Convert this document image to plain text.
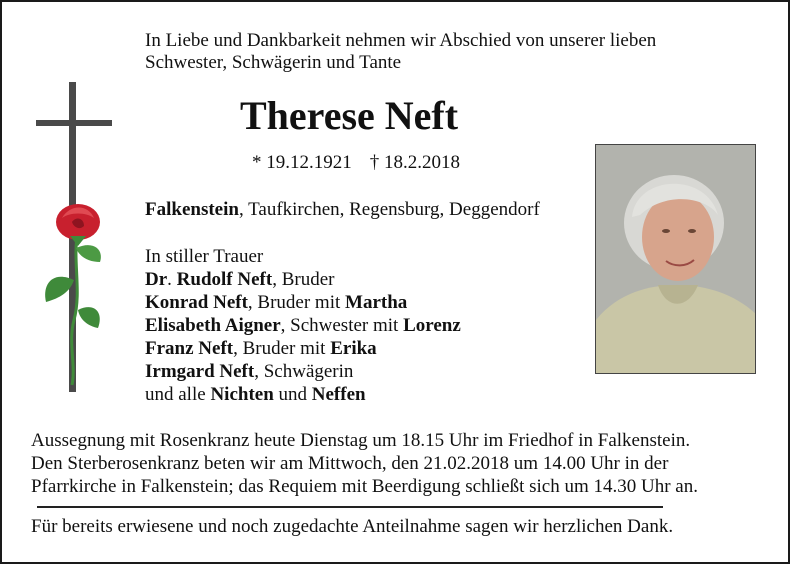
In Liebe und Dankbarkeit nehmen wir Abschied von unserer lieben
Schwester, Schwägerin und Tante
Therese Neft
* 19.12.1921 † 18.2.2018
Falkenstein, Taufkirchen, Regensburg, Deggendorf
In stiller Trauer
Dr. Rudolf Neft, Bruder
Konrad Neft, Bruder mit Martha
Elisabeth Aigner, Schwester mit Lorenz
Franz Neft, Bruder mit Erika
Irmgard Neft, Schwägerin
und alle Nichten und Neffen
Aussegnung mit Rosenkranz heute Dienstag um 18.15 Uhr im Friedhof in Falkenstein.
Den Sterberosenkranz beten wir am Mittwoch, den 21.02.2018 um 14.00 Uhr in der
Pfarrkirche in Falkenstein; das Requiem mit Beerdigung schließt sich um 14.30 Uhr an.
Für bereits erwiesene und noch zugedachte Anteilnahme sagen wir herzlichen Dank.
